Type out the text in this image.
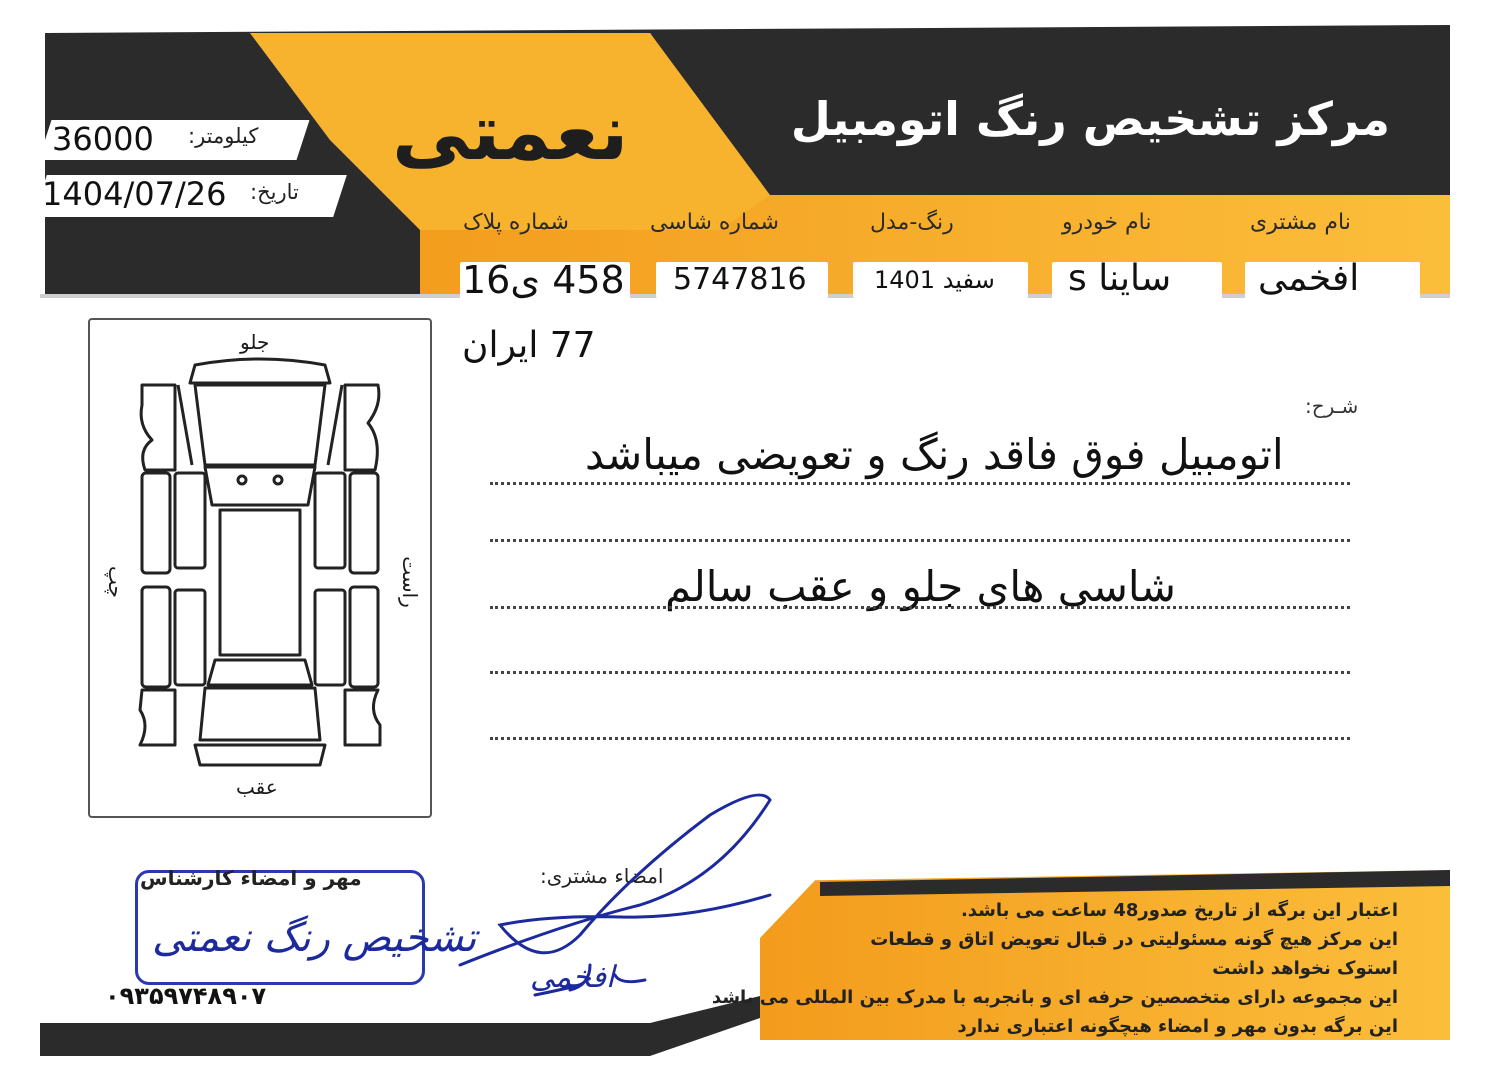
مرکز تشخیص رنگ اتومبیل
نعمتی
کیلومتر:
36000
تاریخ:
1404/07/26
نام مشتری
نام خودرو
رنگ-مدل
شماره شاسی
شماره پلاک
افخمی
ساینا s
سفید 1401
5747816
458 ی16
77 ایران
جلو
عقب
چپ	راست
شـرح:
اتومبیل فوق فاقد رنگ و تعویضی میباشد
شاسی های جلو و عقب سالم
مهر و امضاء کارشناس
تشخیص رنگ نعمتی
۰۹۳۵۹۷۴۸۹۰۷
امضاء مشتری:
افخمی
اعتبار این برگه از تاریخ صدور48 ساعت می باشد.
این مرکز هیچ گونه مسئولیتی در قبال تعویض اتاق و قطعات
استوک نخواهد داشت
این مجموعه دارای متخصصین حرفه ای و بانجربه با مدرک بین المللی می باشد
این برگه بدون مهر و امضاء هیچگونه اعتباری ندارد
